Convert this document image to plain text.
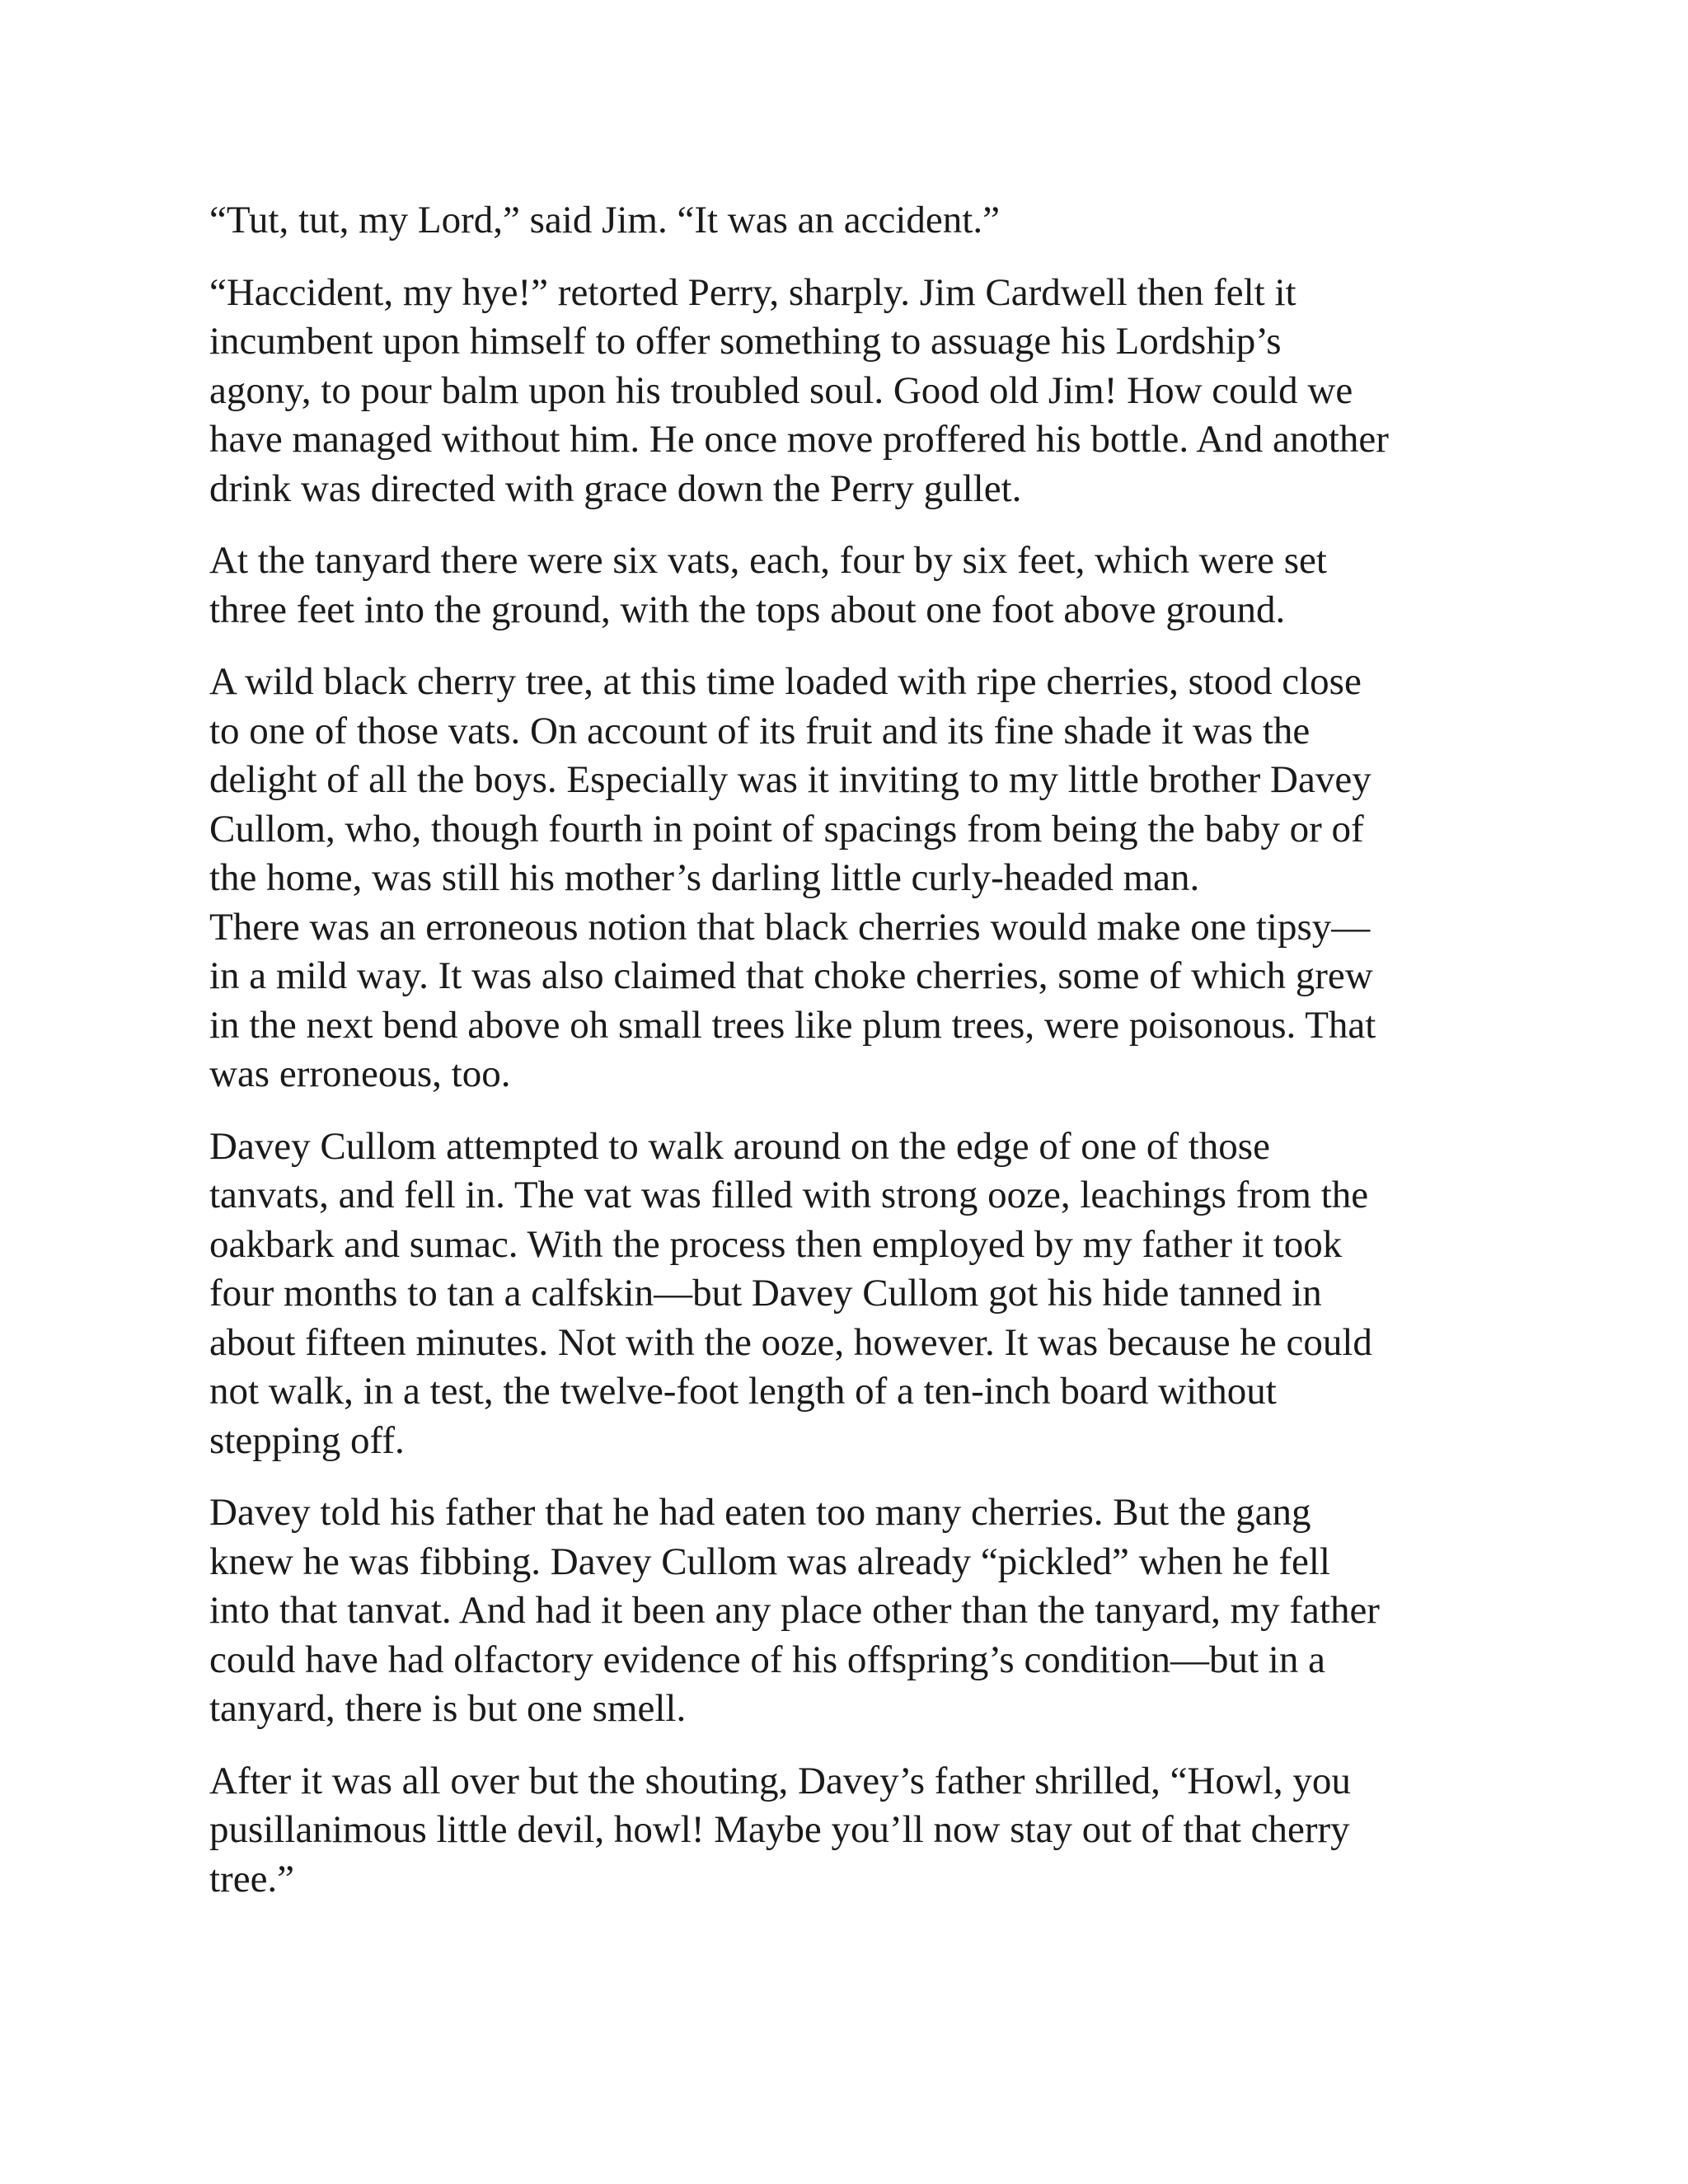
“Tut, tut, my Lord,” said Jim. “It was an accident.”

“Haccident, my hye!” retorted Perry, sharply. Jim Cardwell then felt it
incumbent upon himself to offer something to assuage his Lordship’s
agony, to pour balm upon his troubled soul. Good old Jim! How could we
have managed without him. He once move proffered his bottle. And another
drink was directed with grace down the Perry gullet.

At the tanyard there were six vats, each, four by six feet, which were set
three feet into the ground, with the tops about one foot above ground.

A wild black cherry tree, at this time loaded with ripe cherries, stood close
to one of those vats. On account of its fruit and its fine shade it was the
delight of all the boys. Especially was it inviting to my little brother Davey
Cullom, who, though fourth in point of spacings from being the baby or of
the home, was still his mother’s darling little curly-headed man.

There was an erroneous notion that black cherries would make one tipsy—
in a mild way. It was also claimed that choke cherries, some of which grew
in the next bend above oh small trees like plum trees, were poisonous. That
was erroneous, too.

Davey Cullom attempted to walk around on the edge of one of those
tanvats, and fell in. The vat was filled with strong ooze, leachings from the
oakbark and sumac. With the process then employed by my father it took
four months to tan a calfskin—but Davey Cullom got his hide tanned in
about fifteen minutes. Not with the ooze, however. It was because he could
not walk, in a test, the twelve-foot length of a ten-inch board without
stepping off.

Davey told his father that he had eaten too many cherries. But the gang
knew he was fibbing. Davey Cullom was already “pickled” when he fell
into that tanvat. And had it been any place other than the tanyard, my father
could have had olfactory evidence of his offspring’s condition—but in a
tanyard, there is but one smell.

After it was all over but the shouting, Davey’s father shrilled, “Howl, you
pusillanimous little devil, howl! Maybe you’ll now stay out of that cherry
tree.”
